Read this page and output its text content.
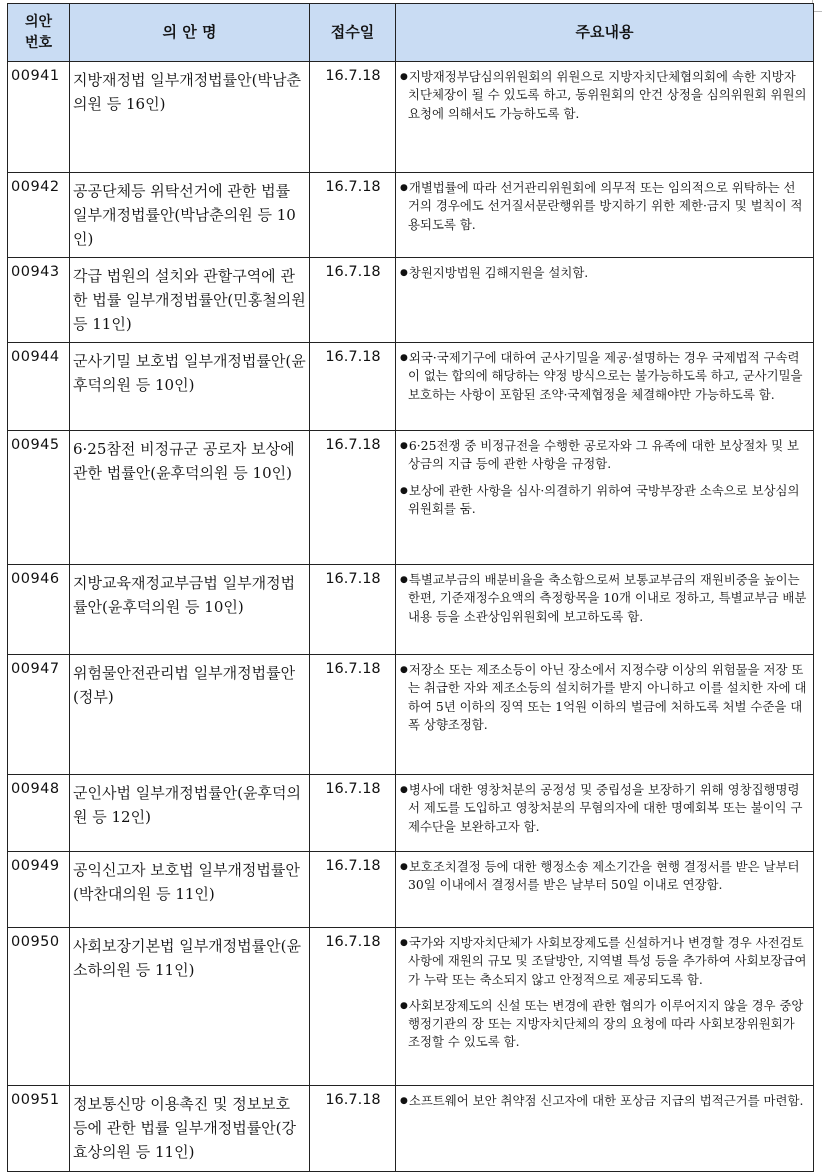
의안
번호	의 안 명	접수일	주요내용
00941	지방재정법 일부개정법률안(박남춘의원 등 16인)	16.7.18	●지방재정부담심의위원회의 위원으로 지방자치단체협의회에 속한 지방자치단체장이 될 수 있도록 하고, 동위원회의 안건 상정을 심의위원회 위원의 요청에 의해서도 가능하도록 함.

00942	공공단체등 위탁선거에 관한 법률 일부개정법률안(박남춘의원 등 10인)	16.7.18	●개별법률에 따라 선거관리위원회에 의무적 또는 임의적으로 위탁하는 선거의 경우에도 선거질서문란행위를 방지하기 위한 제한·금지 및 벌칙이 적용되도록 함.

00943	각급 법원의 설치와 관할구역에 관한 법률 일부개정법률안(민홍철의원 등 11인)	16.7.18	●창원지방법원 김해지원을 설치함.

00944	군사기밀 보호법 일부개정법률안(윤후덕의원 등 10인)	16.7.18	●외국·국제기구에 대하여 군사기밀을 제공·설명하는 경우 국제법적 구속력이 없는 합의에 해당하는 약정 방식으로는 불가능하도록 하고, 군사기밀을 보호하는 사항이 포함된 조약·국제협정을 체결해야만 가능하도록 함.

00945	6·25참전 비정규군 공로자 보상에 관한 법률안(윤후덕의원 등 10인)	16.7.18	●6·25전쟁 중 비정규전을 수행한 공로자와 그 유족에 대한 보상절차 및 보상금의 지급 등에 관한 사항을 규정함.

●보상에 관한 사항을 심사·의결하기 위하여 국방부장관 소속으로 보상심의위원회를 둠.

00946	지방교육재정교부금법 일부개정법률안(윤후덕의원 등 10인)	16.7.18	●특별교부금의 배분비율을 축소함으로써 보통교부금의 재원비중을 높이는 한편, 기준재정수요액의 측정항목을 10개 이내로 정하고, 특별교부금 배분 내용 등을 소관상임위원회에 보고하도록 함.

00947	위험물안전관리법 일부개정법률안(정부)	16.7.18	●저장소 또는 제조소등이 아닌 장소에서 지정수량 이상의 위험물을 저장 또는 취급한 자와 제조소등의 설치허가를 받지 아니하고 이를 설치한 자에 대하여 5년 이하의 징역 또는 1억원 이하의 벌금에 처하도록 처벌 수준을 대폭 상향조정함.

00948	군인사법 일부개정법률안(윤후덕의원 등 12인)	16.7.18	●병사에 대한 영창처분의 공정성 및 중립성을 보장하기 위해 영창집행명령서 제도를 도입하고 영창처분의 무혐의자에 대한 명예회복 또는 불이익 구제수단을 보완하고자 함.

00949	공익신고자 보호법 일부개정법률안(박찬대의원 등 11인)	16.7.18	●보호조치결정 등에 대한 행정소송 제소기간을 현행 결정서를 받은 날부터 30일 이내에서 결정서를 받은 날부터 50일 이내로 연장함.

00950	사회보장기본법 일부개정법률안(윤소하의원 등 11인)	16.7.18	●국가와 지방자치단체가 사회보장제도를 신설하거나 변경할 경우 사전검토 사항에 재원의 규모 및 조달방안, 지역별 특성 등을 추가하여 사회보장급여가 누락 또는 축소되지 않고 안정적으로 제공되도록 함.

●사회보장제도의 신설 또는 변경에 관한 협의가 이루어지지 않을 경우 중앙행정기관의 장 또는 지방자치단체의 장의 요청에 따라 사회보장위원회가 조정할 수 있도록 함.

00951	정보통신망 이용촉진 및 정보보호 등에 관한 법률 일부개정법률안(강효상의원 등 11인)	16.7.18	●소프트웨어 보안 취약점 신고자에 대한 포상금 지급의 법적근거를 마련함.
